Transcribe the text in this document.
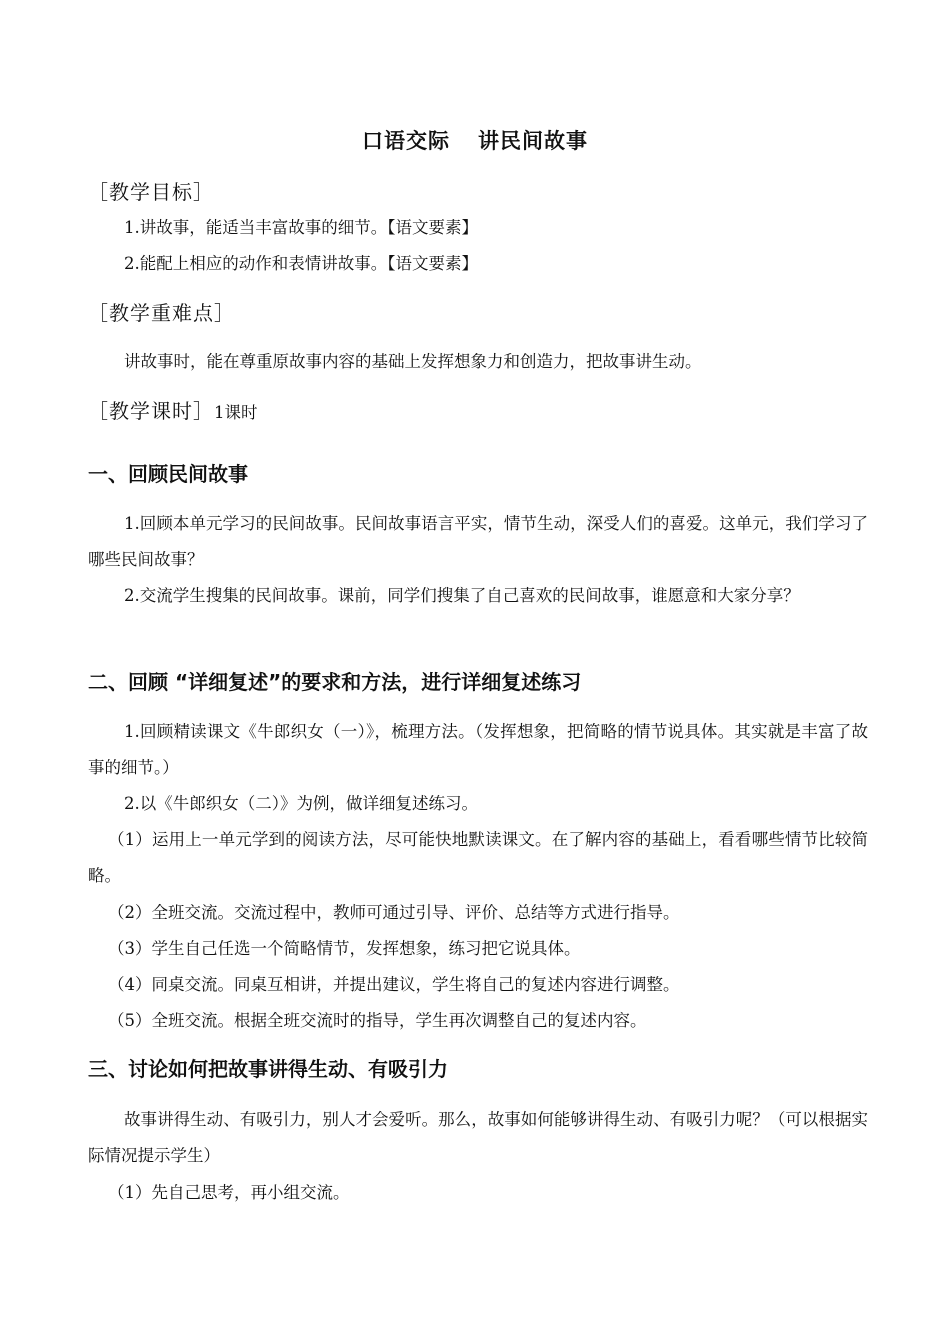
口语交际 讲民间故事
［教学目标］
1.讲故事，能适当丰富故事的细节。【语文要素】
2.能配上相应的动作和表情讲故事。【语文要素】
［教学重难点］
讲故事时，能在尊重原故事内容的基础上发挥想象力和创造力，把故事讲生动。
［教学课时］1课时
一、回顾民间故事
1.回顾本单元学习的民间故事。民间故事语言平实，情节生动，深受人们的喜爱。这单元，我们学习了哪些民间故事？
2.交流学生搜集的民间故事。课前，同学们搜集了自己喜欢的民间故事，谁愿意和大家分享？
二、回顾 “详细复述”的要求和方法，进行详细复述练习
1.回顾精读课文《牛郎织女（一）》，梳理方法。（发挥想象，把简略的情节说具体。其实就是丰富了故事的细节。）
2.以《牛郎织女（二）》为例，做详细复述练习。
（1）运用上一单元学到的阅读方法，尽可能快地默读课文。在了解内容的基础上，看看哪些情节比较简略。
（2）全班交流。交流过程中，教师可通过引导、评价、总结等方式进行指导。
（3）学生自己任选一个简略情节，发挥想象，练习把它说具体。
（4）同桌交流。同桌互相讲，并提出建议，学生将自己的复述内容进行调整。
（5）全班交流。根据全班交流时的指导，学生再次调整自己的复述内容。
三、讨论如何把故事讲得生动、有吸引力
故事讲得生动、有吸引力，别人才会爱听。那么，故事如何能够讲得生动、有吸引力呢？（可以根据实际情况提示学生）
（1）先自己思考，再小组交流。
